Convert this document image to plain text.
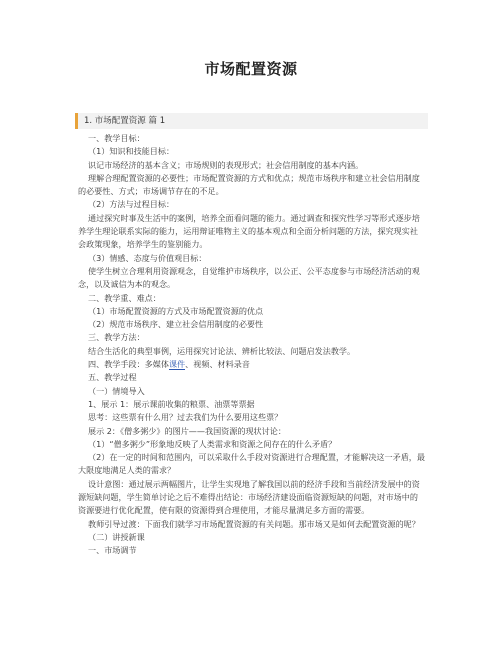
市场配置资源
1. 市场配置资源 篇 1

一、教学目标：

（1）知识和技能目标：

识记市场经济的基本含义；市场规则的表现形式；社会信用制度的基本内涵。

理解合理配置资源的必要性；市场配置资源的方式和优点；规范市场秩序和建立社会信用制度的必要性、方式；市场调节存在的不足。

（2）方法与过程目标：

通过探究时事及生活中的案例，培养全面看问题的能力。通过调查和探究性学习等形式逐步培养学生理论联系实际的能力，运用辩证唯物主义的基本观点和全面分析问题的方法，探究现实社会政策现象，培养学生的鉴别能力。

（3）情感、态度与价值观目标：

使学生树立合理利用资源观念，自觉维护市场秩序，以公正、公平态度参与市场经济活动的观念，以及诚信为本的观念。

二、教学重、难点：

（1）市场配置资源的方式及市场配置资源的优点

（2）规范市场秩序、建立社会信用制度的必要性

三、教学方法：

结合生活化的典型事例，运用探究讨论法、辨析比较法、问题启发法教学。

四、教学手段：多媒体课件、视频、材料录音

五、教学过程

（一）情境导入

1、展示 1：展示课前收集的粮票、油票等票据

思考：这些票有什么用？过去我们为什么要用这些票？

展示 2：《僧多粥少》的图片——我国资源的现状讨论：

（1）“僧多粥少”形象地反映了人类需求和资源之间存在的什么矛盾？

（2）在一定的时间和范围内，可以采取什么手段对资源进行合理配置，才能解决这一矛盾，最大限度地满足人类的需求？

设计意图：通过展示两幅图片，让学生实现地了解我国以前的经济手段和当前经济发展中的资源短缺问题，学生简单讨论之后不难得出结论：市场经济建设面临资源短缺的问题，对市场中的资源要进行优化配置，使有限的资源得到合理使用，才能尽量满足多方面的需要。

教师引导过渡：下面我们就学习市场配置资源的有关问题。那市场又是如何去配置资源的呢？

（二）讲授新课

一、市场调节
